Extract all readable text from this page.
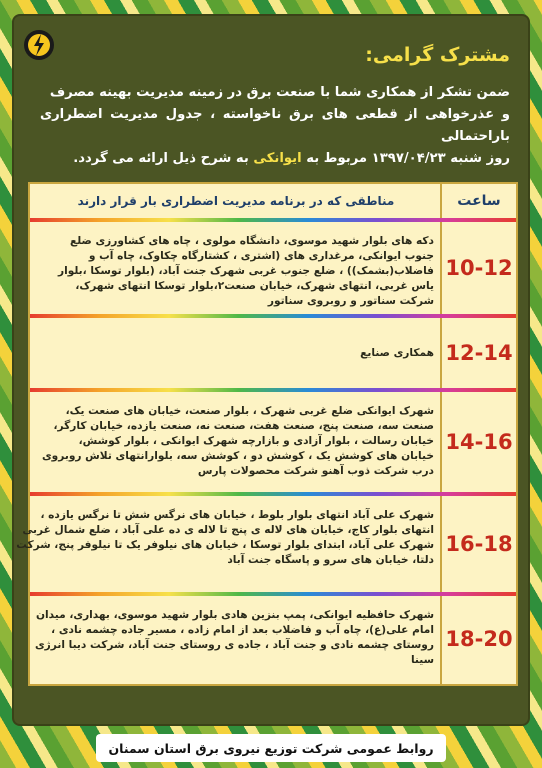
مشترک گرامی:

ضمن تشکر از همکاری شما با صنعت برق در زمینه مدیریت بهینه مصرف
و عذرخواهی از قطعی های برق ناخواسته ، جدول مدیریت اضطراری باراحتمالی
روز شنبه ۱۳۹۷/۰۴/۲۳ مربوط به ایوانکی به شرح ذیل ارائه می گردد.

ساعت
مناطقی که در برنامه مدیریت اضطراری بار قرار دارند
10-12
دکه های بلوار شهید موسوی، دانشگاه مولوی ، چاه های کشاورزی ضلع
جنوب ایوانکی، مرغداری های (اشتری ، کشتارگاه چکاوک، چاه آب و
فاضلاب(بشمک)) ، ضلع جنوب غربی شهرک جنت آباد، (بلوار توسکا ،بلوار
یاس غربی، انتهای شهرک، خیابان صنعت۲،بلوار توسکا انتهای شهرک،
شرکت سناتور و روبروی سناتور
12-14
همکاری صنایع
14-16
شهرک ایوانکی ضلع غربی شهرک ، بلوار صنعت، خیابان های صنعت یک،
صنعت سه، صنعت پنج، صنعت هفت، صنعت نه، صنعت یازده، خیابان کارگر،
خیابان رسالت ، بلوار آزادی و بازارچه شهرک ایوانکی ، بلوار کوشش،
خیابان های کوشش یک ، کوشش دو ، کوشش سه، بلوارانتهای تلاش روبروی
درب شرکت ذوب آهنو شرکت محصولات پارس
16-18
شهرک علی آباد انتهای بلوار بلوط ، خیابان های نرگس شش تا نرگس یازده ،
انتهای بلوار کاج، خیابان های لاله ی پنج تا لاله ی ده علی آباد ، ضلع شمال غربی
شهرک علی آباد، ابتدای بلوار توسکا ، خیابان های نیلوفر یک تا نیلوفر پنج، شرکت
دلتا، خیابان های سرو و پاسگاه جنت آباد
18-20
شهرک حافظیه ایوانکی، پمپ بنزین هادی بلوار شهید موسوی، بهداری، میدان
امام علی(ع)، چاه آب و فاضلاب بعد از امام زاده ، مسیر جاده چشمه نادی ،
روستای چشمه نادی و جنت آباد ، جاده ی روستای جنت آباد، شرکت دیبا انرژی
سینا
روابط عمومی شرکت توزیع نیروی برق استان سمنان
